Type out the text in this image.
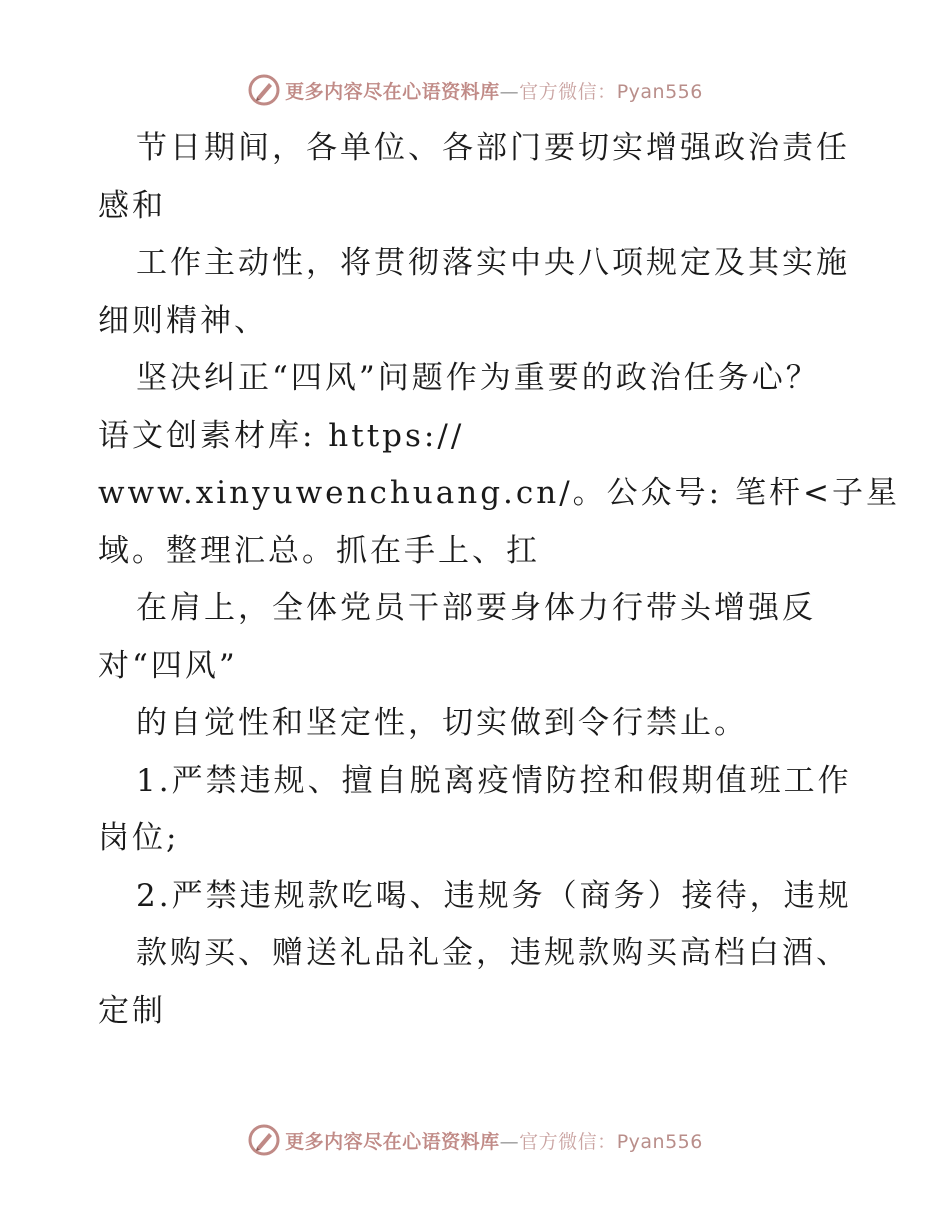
更多内容尽在心语资料库—官方微信：Pyan556
节日期间，各单位、各部门要切实增强政治责任
感和
工作主动性，将贯彻落实中央八项规定及其实施
细则精神、
坚决纠正“四风”问题作为重要的政治任务心？
语文创素材库: https://
www.xinyuwenchuang.cn/。公众号: 笔杆<子星
域。整理汇总。抓在手上、扛
在肩上，全体党员干部要身体力行带头增强反
对“四风”
的自觉性和坚定性，切实做到令行禁止。
1.严禁违规、擅自脱离疫情防控和假期值班工作
岗位;
2.严禁违规款吃喝、违规务（商务）接待，违规
款购买、赠送礼品礼金，违规款购买高档白酒、
定制
更多内容尽在心语资料库—官方微信：Pyan556
